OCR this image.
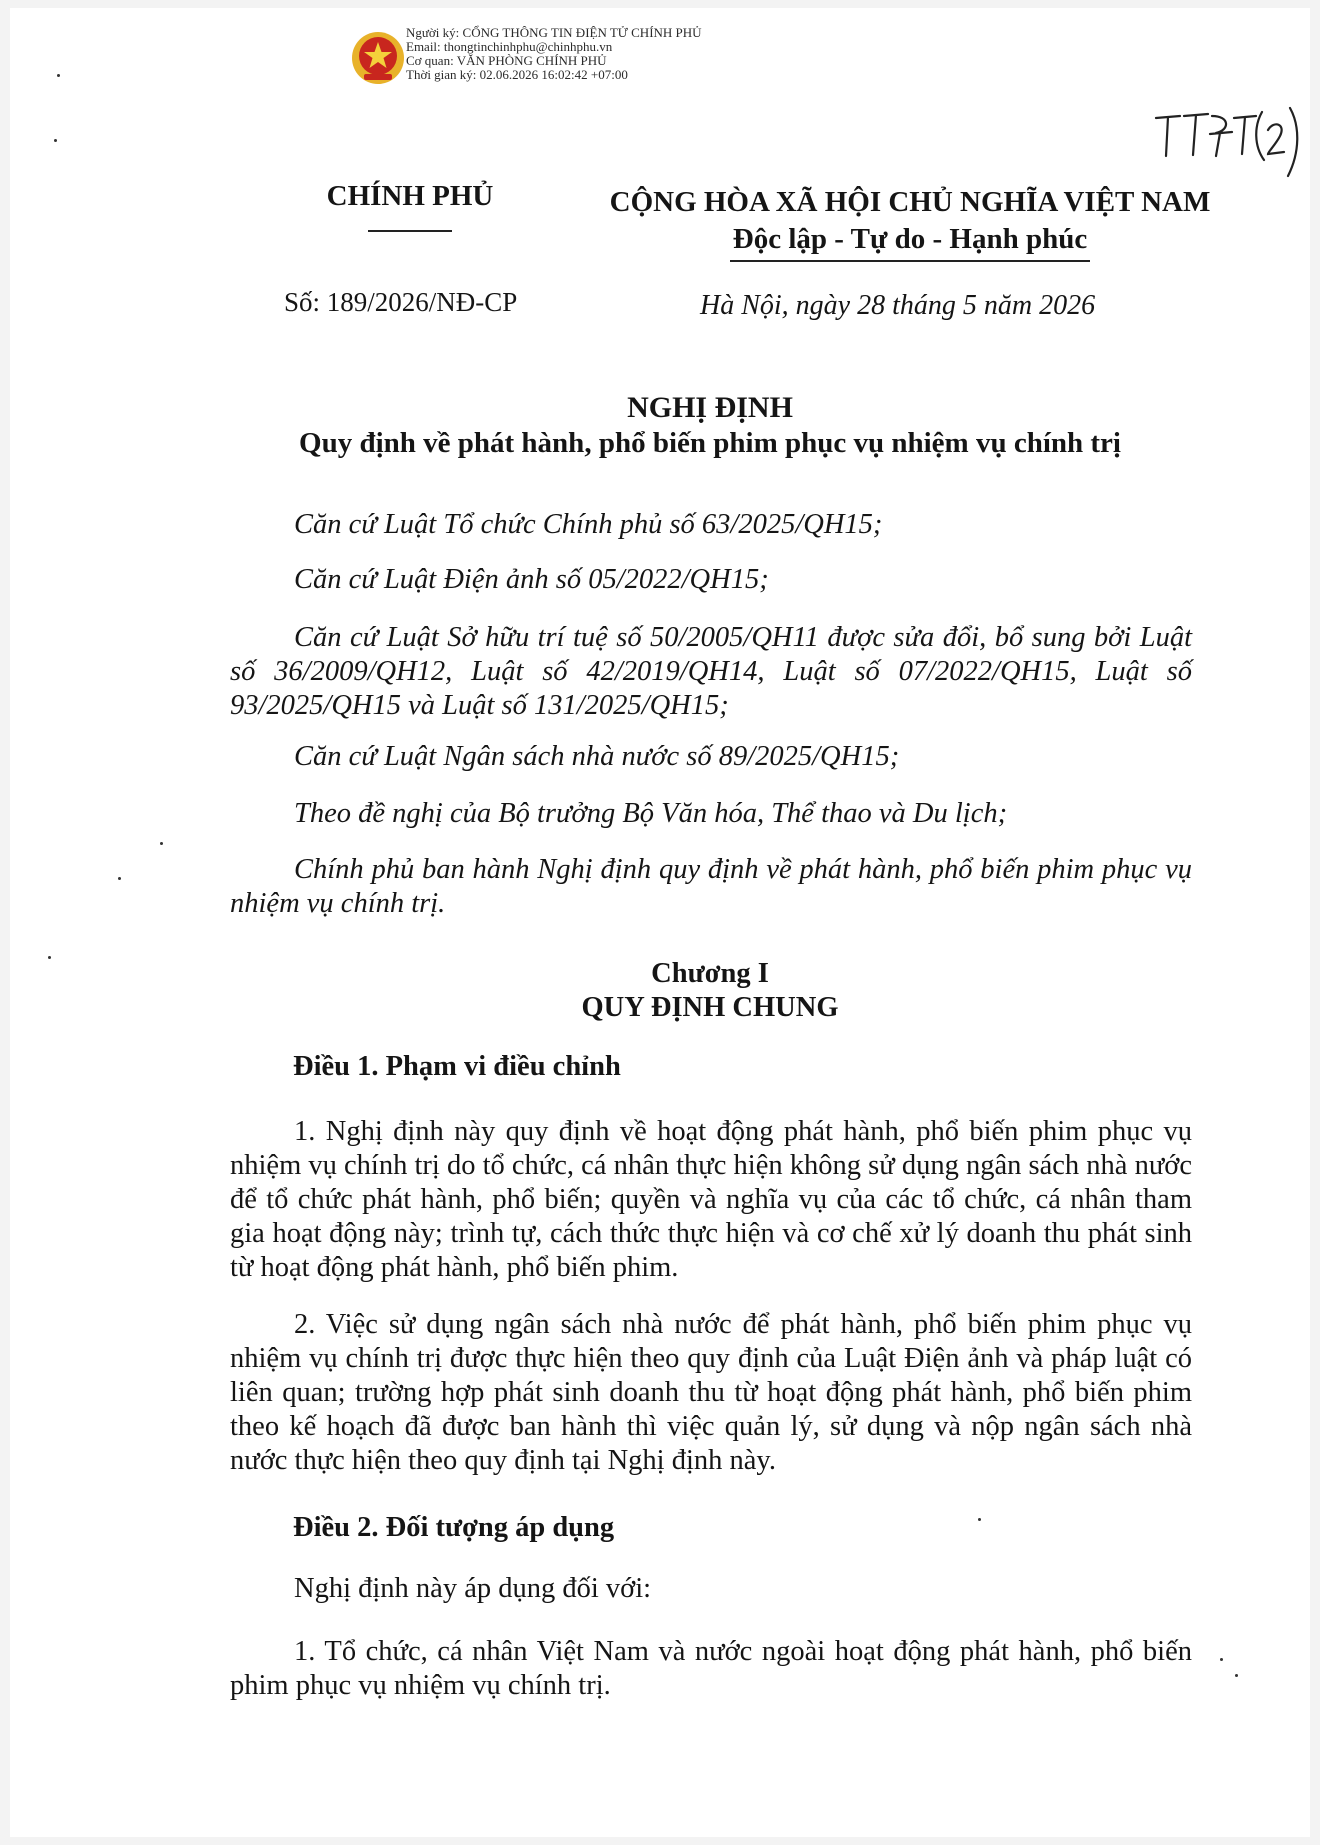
Người ký: CỔNG THÔNG TIN ĐIỆN TỬ CHÍNH PHỦ
Email: thongtinchinhphu@chinhphu.vn
Cơ quan: VĂN PHÒNG CHÍNH PHỦ
Thời gian ký: 02.06.2026 16:02:42 +07:00
CHÍNH PHỦ	CỘNG HÒA XÃ HỘI CHỦ NGHĨA VIỆT NAM
Độc lập - Tự do - Hạnh phúc
Số: 189/2026/NĐ-CP	Hà Nội, ngày 28 tháng 5 năm 2026
NGHỊ ĐỊNH
Quy định về phát hành, phổ biến phim phục vụ nhiệm vụ chính trị
Căn cứ Luật Tổ chức Chính phủ số 63/2025/QH15;
Căn cứ Luật Điện ảnh số 05/2022/QH15;
Căn cứ Luật Sở hữu trí tuệ số 50/2005/QH11 được sửa đổi, bổ sung bởi Luật số 36/2009/QH12, Luật số 42/2019/QH14, Luật số 07/2022/QH15, Luật số 93/2025/QH15 và Luật số 131/2025/QH15;
Căn cứ Luật Ngân sách nhà nước số 89/2025/QH15;
Theo đề nghị của Bộ trưởng Bộ Văn hóa, Thể thao và Du lịch;
Chính phủ ban hành Nghị định quy định về phát hành, phổ biến phim phục vụ nhiệm vụ chính trị.
Chương I
QUY ĐỊNH CHUNG
Điều 1. Phạm vi điều chỉnh
1. Nghị định này quy định về hoạt động phát hành, phổ biến phim phục vụ nhiệm vụ chính trị do tổ chức, cá nhân thực hiện không sử dụng ngân sách nhà nước để tổ chức phát hành, phổ biến; quyền và nghĩa vụ của các tổ chức, cá nhân tham gia hoạt động này; trình tự, cách thức thực hiện và cơ chế xử lý doanh thu phát sinh từ hoạt động phát hành, phổ biến phim.
2. Việc sử dụng ngân sách nhà nước để phát hành, phổ biến phim phục vụ nhiệm vụ chính trị được thực hiện theo quy định của Luật Điện ảnh và pháp luật có liên quan; trường hợp phát sinh doanh thu từ hoạt động phát hành, phổ biến phim theo kế hoạch đã được ban hành thì việc quản lý, sử dụng và nộp ngân sách nhà nước thực hiện theo quy định tại Nghị định này.
Điều 2. Đối tượng áp dụng
Nghị định này áp dụng đối với:
1. Tổ chức, cá nhân Việt Nam và nước ngoài hoạt động phát hành, phổ biến phim phục vụ nhiệm vụ chính trị.
